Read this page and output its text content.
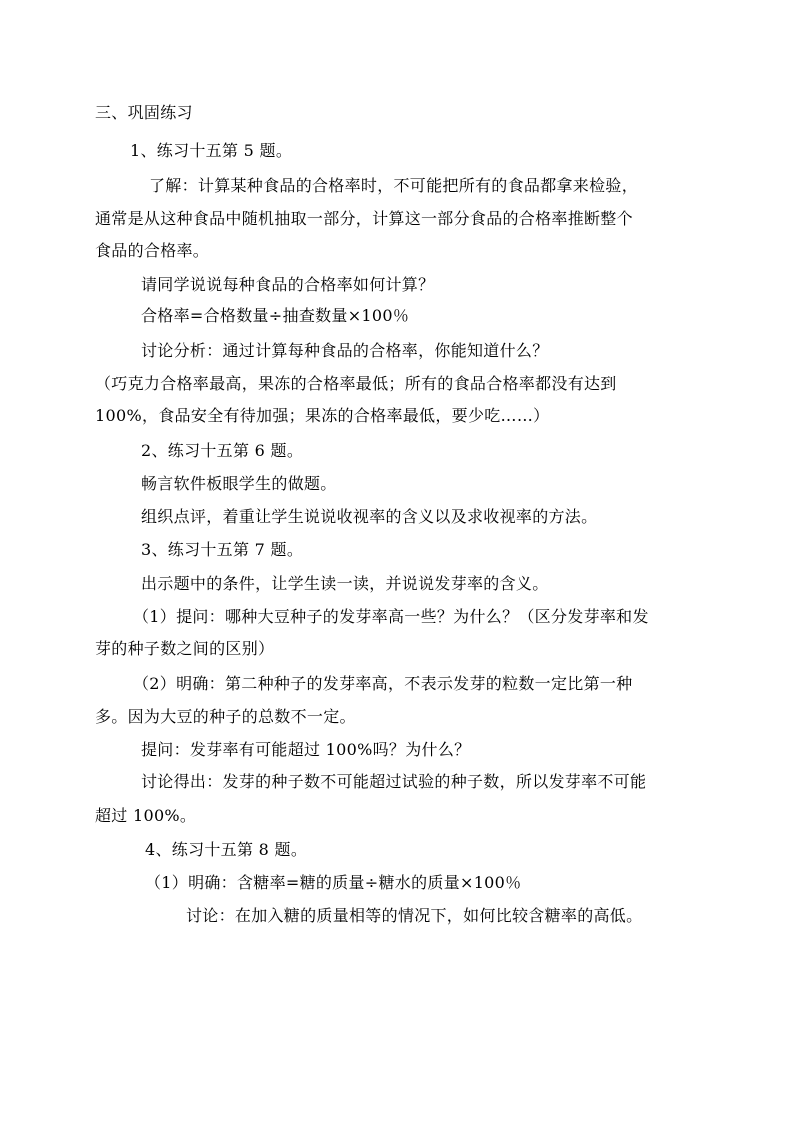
三、巩固练习
1、练习十五第 5 题。
了解：计算某种食品的合格率时，不可能把所有的食品都拿来检验，
通常是从这种食品中随机抽取一部分，计算这一部分食品的合格率推断整个
食品的合格率。
请同学说说每种食品的合格率如何计算？
合格率=合格数量÷抽查数量×100％
讨论分析：通过计算每种食品的合格率，你能知道什么？
（巧克力合格率最高，果冻的合格率最低；所有的食品合格率都没有达到
100%，食品安全有待加强；果冻的合格率最低，要少吃……）
2、练习十五第 6 题。
畅言软件板眼学生的做题。
组织点评，着重让学生说说收视率的含义以及求收视率的方法。
3、练习十五第 7 题。
出示题中的条件，让学生读一读，并说说发芽率的含义。
（1）提问：哪种大豆种子的发芽率高一些？为什么？（区分发芽率和发
芽的种子数之间的区别）
（2）明确：第二种种子的发芽率高，不表示发芽的粒数一定比第一种
多。因为大豆的种子的总数不一定。
提问：发芽率有可能超过 100%吗？为什么？
讨论得出：发芽的种子数不可能超过试验的种子数，所以发芽率不可能
超过 100%。
4、练习十五第 8 题。
（1）明确：含糖率=糖的质量÷糖水的质量×100％
讨论：在加入糖的质量相等的情况下，如何比较含糖率的高低。
